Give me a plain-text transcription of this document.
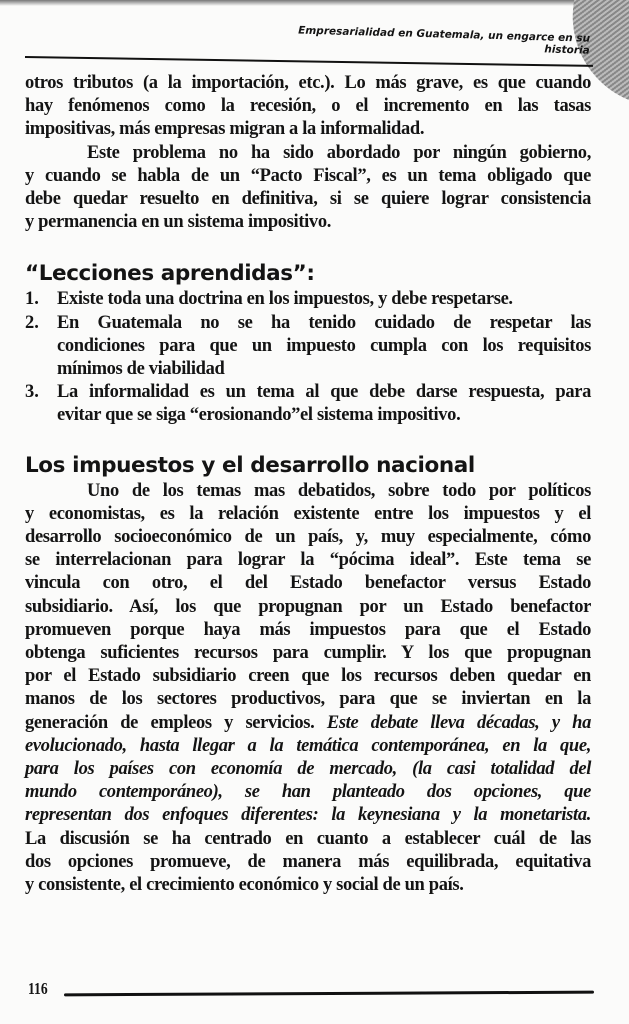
Empresarialidad en Guatemala, un engarce en su historia
otros tributos (a la importación, etc.). Lo más grave, es que cuando
hay fenómenos como la recesión, o el incremento en las tasas
impositivas, más empresas migran a la informalidad.
Este problema no ha sido abordado por ningún gobierno,
y cuando se habla de un “Pacto Fiscal”, es un tema obligado que
debe quedar resuelto en definitiva, si se quiere lograr consistencia
y permanencia en un sistema impositivo.
“Lecciones aprendidas”:
1. Existe toda una doctrina en los impuestos, y debe respetarse.
2. En Guatemala no se ha tenido cuidado de respetar las
condiciones para que un impuesto cumpla con los requisitos
mínimos de viabilidad
3. La informalidad es un tema al que debe darse respuesta, para
evitar que se siga “erosionando”el sistema impositivo.
Los impuestos y el desarrollo nacional
Uno de los temas mas debatidos, sobre todo por políticos
y economistas, es la relación existente entre los impuestos y el
desarrollo socioeconómico de un país, y, muy especialmente, cómo
se interrelacionan para lograr la “pócima ideal”. Este tema se
vincula con otro, el del Estado benefactor versus Estado
subsidiario. Así, los que propugnan por un Estado benefactor
promueven porque haya más impuestos para que el Estado
obtenga suficientes recursos para cumplir. Y los que propugnan
por el Estado subsidiario creen que los recursos deben quedar en
manos de los sectores productivos, para que se inviertan en la
generación de empleos y servicios. Este debate lleva décadas, y ha
evolucionado, hasta llegar a la temática contemporánea, en la que,
para los países con economía de mercado, (la casi totalidad del
mundo contemporáneo), se han planteado dos opciones, que
representan dos enfoques diferentes: la keynesiana y la monetarista.
La discusión se ha centrado en cuanto a establecer cuál de las
dos opciones promueve, de manera más equilibrada, equitativa
y consistente, el crecimiento económico y social de un país.
116
